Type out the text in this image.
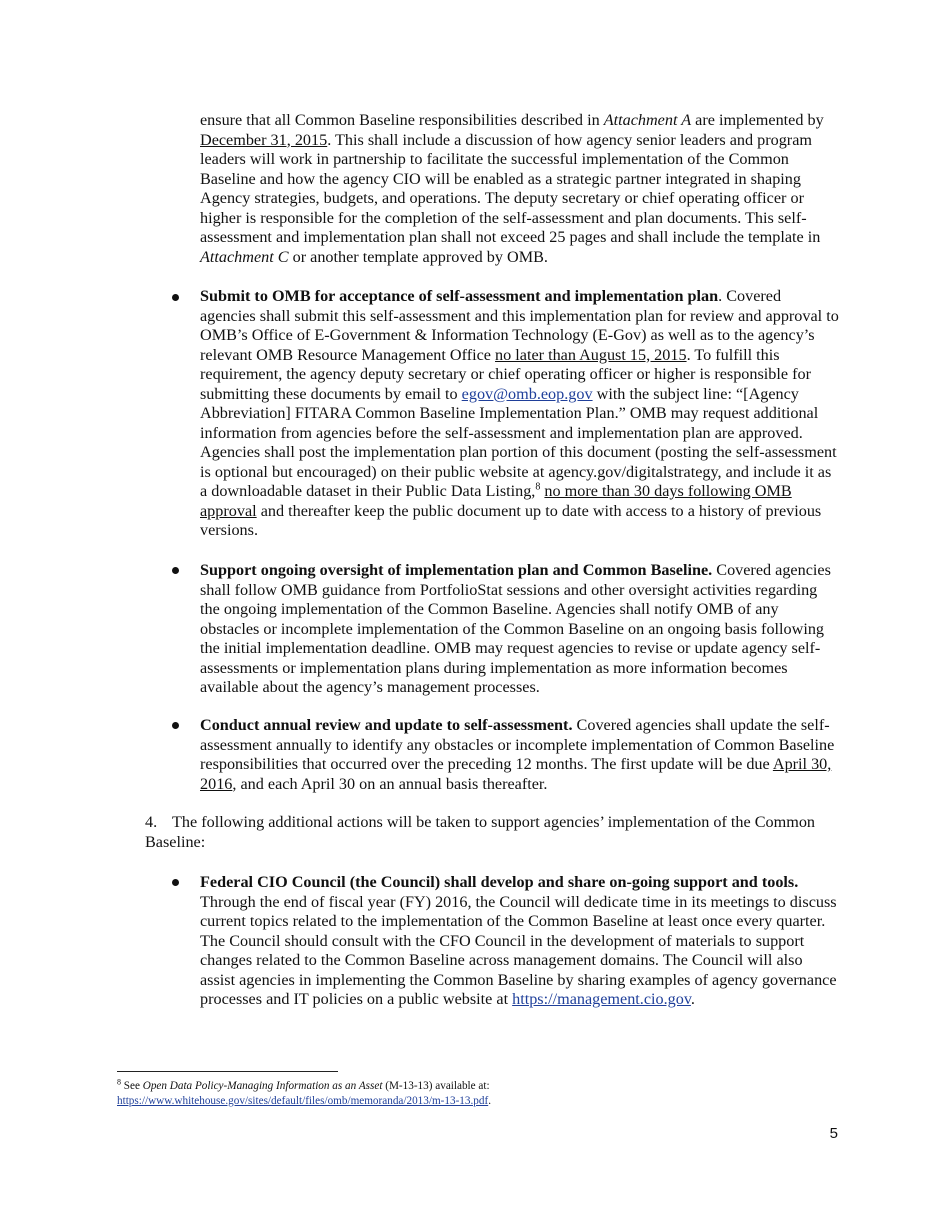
ensure that all Common Baseline responsibilities described in Attachment A are implemented by December 31, 2015. This shall include a discussion of how agency senior leaders and program leaders will work in partnership to facilitate the successful implementation of the Common Baseline and how the agency CIO will be enabled as a strategic partner integrated in shaping Agency strategies, budgets, and operations. The deputy secretary or chief operating officer or higher is responsible for the completion of the self-assessment and plan documents. This self-assessment and implementation plan shall not exceed 25 pages and shall include the template in Attachment C or another template approved by OMB.

Submit to OMB for acceptance of self-assessment and implementation plan. Covered agencies shall submit this self-assessment and this implementation plan for review and approval to OMB’s Office of E-Government & Information Technology (E-Gov) as well as to the agency’s relevant OMB Resource Management Office no later than August 15, 2015. To fulfill this requirement, the agency deputy secretary or chief operating officer or higher is responsible for submitting these documents by email to egov@omb.eop.gov with the subject line: “[Agency Abbreviation] FITARA Common Baseline Implementation Plan.” OMB may request additional information from agencies before the self-assessment and implementation plan are approved. Agencies shall post the implementation plan portion of this document (posting the self-assessment is optional but encouraged) on their public website at agency.gov/digitalstrategy, and include it as a downloadable dataset in their Public Data Listing,$^8$ no more than 30 days following OMB approval and thereafter keep the public document up to date with access to a history of previous versions.

Support ongoing oversight of implementation plan and Common Baseline. Covered agencies shall follow OMB guidance from PortfolioStat sessions and other oversight activities regarding the ongoing implementation of the Common Baseline. Agencies shall notify OMB of any obstacles or incomplete implementation of the Common Baseline on an ongoing basis following the initial implementation deadline. OMB may request agencies to revise or update agency self-assessments or implementation plans during implementation as more information becomes available about the agency’s management processes.

Conduct annual review and update to self-assessment. Covered agencies shall update the self-assessment annually to identify any obstacles or incomplete implementation of Common Baseline responsibilities that occurred over the preceding 12 months. The first update will be due April 30, 2016, and each April 30 on an annual basis thereafter.

4. The following additional actions will be taken to support agencies’ implementation of the Common Baseline:

Federal CIO Council (the Council) shall develop and share on-going support and tools. Through the end of fiscal year (FY) 2016, the Council will dedicate time in its meetings to discuss current topics related to the implementation of the Common Baseline at least once every quarter. The Council should consult with the CFO Council in the development of materials to support changes related to the Common Baseline across management domains. The Council will also assist agencies in implementing the Common Baseline by sharing examples of agency governance processes and IT policies on a public website at https://management.cio.gov.

$^8$ See Open Data Policy-Managing Information as an Asset (M-13-13) available at:
https://www.whitehouse.gov/sites/default/files/omb/memoranda/2013/m-13-13.pdf.
5
